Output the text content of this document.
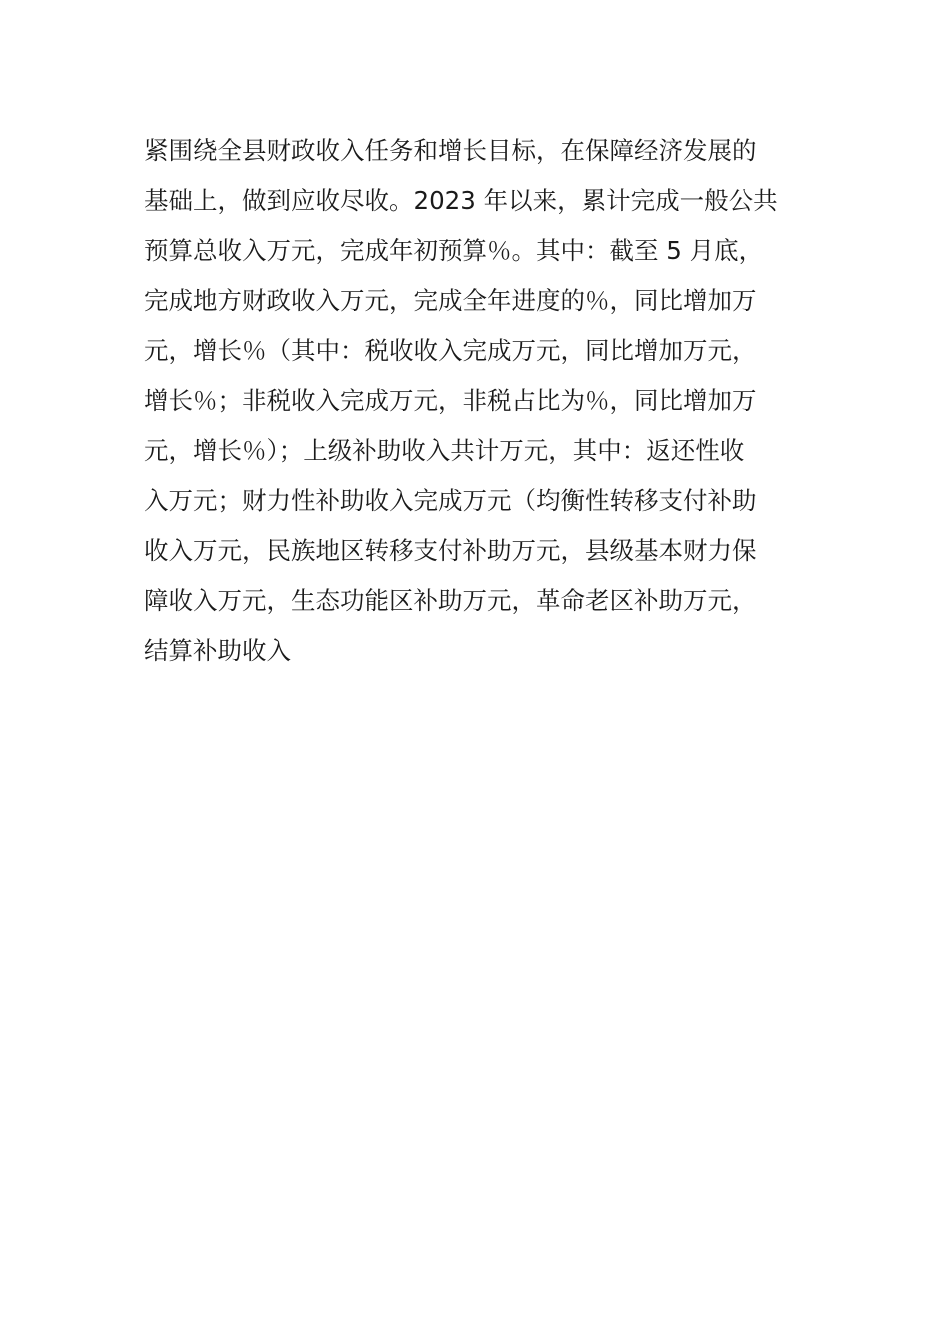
紧围绕全县财政收入任务和增长目标，在保障经济发展的
基础上，做到应收尽收。2023 年以来，累计完成一般公共
预算总收入万元，完成年初预算％。其中：截至 5 月底，
完成地方财政收入万元，完成全年进度的％，同比增加万
元，增长％（其中：税收收入完成万元，同比增加万元，
增长％；非税收入完成万元，非税占比为％，同比增加万
元，增长％）；上级补助收入共计万元，其中：返还性收
入万元；财力性补助收入完成万元（均衡性转移支付补助
收入万元，民族地区转移支付补助万元，县级基本财力保
障收入万元，生态功能区补助万元，革命老区补助万元，
结算补助收入
